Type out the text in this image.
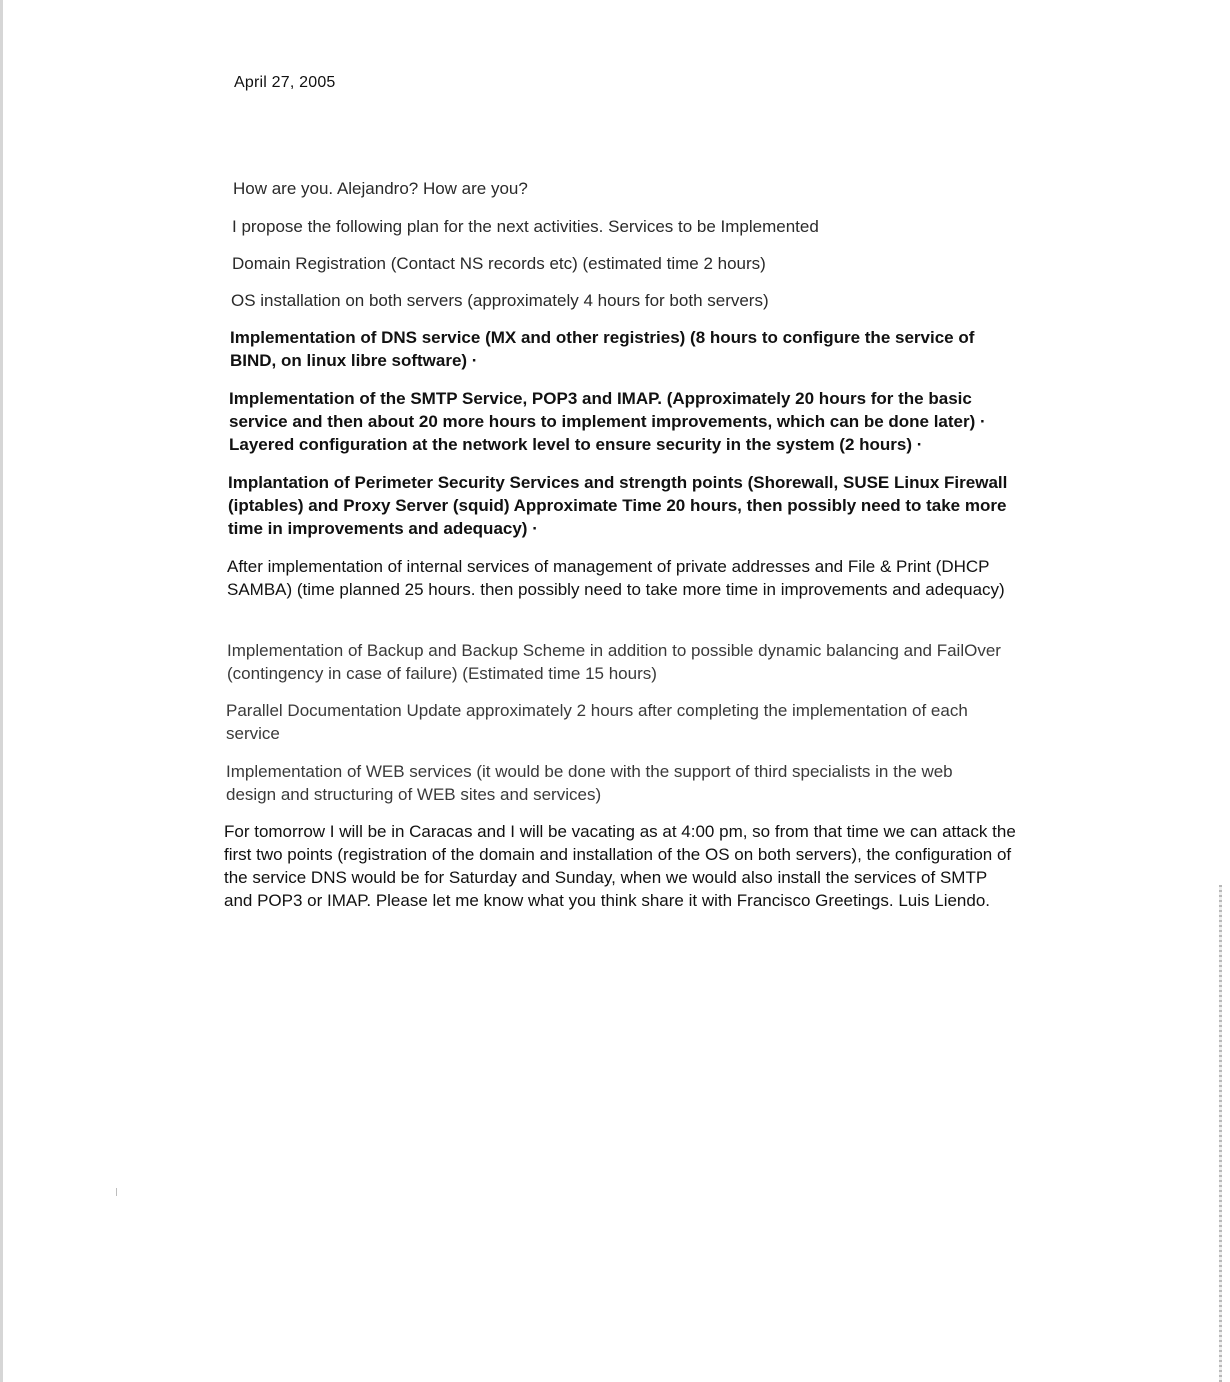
April 27, 2005

How are you. Alejandro? How are you?

I propose the following plan for the next activities. Services to be Implemented

Domain Registration (Contact NS records etc) (estimated time 2 hours)

OS installation on both servers (approximately 4 hours for both servers)

Implementation of DNS service (MX and other registries) (8 hours to configure the service of BIND, on linux libre software) ·

Implementation of the SMTP Service, POP3 and IMAP. (Approximately 20 hours for the basic service and then about 20 more hours to implement improvements, which can be done later) · Layered configuration at the network level to ensure security in the system (2 hours) ·

Implantation of Perimeter Security Services and strength points (Shorewall, SUSE Linux Firewall (iptables) and Proxy Server (squid) Approximate Time 20 hours, then possibly need to take more time in improvements and adequacy) ·

After implementation of internal services of management of private addresses and File & Print (DHCP SAMBA) (time planned 25 hours. then possibly need to take more time in improvements and adequacy)

Implementation of Backup and Backup Scheme in addition to possible dynamic balancing and FailOver (contingency in case of failure) (Estimated time 15 hours)

Parallel Documentation Update approximately 2 hours after completing the implementation of each service

Implementation of WEB services (it would be done with the support of third specialists in the web design and structuring of WEB sites and services)

For tomorrow I will be in Caracas and I will be vacating as at 4:00 pm, so from that time we can attack the first two points (registration of the domain and installation of the OS on both servers), the configuration of the service DNS would be for Saturday and Sunday, when we would also install the services of SMTP and POP3 or IMAP. Please let me know what you think share it with Francisco Greetings. Luis Liendo.
